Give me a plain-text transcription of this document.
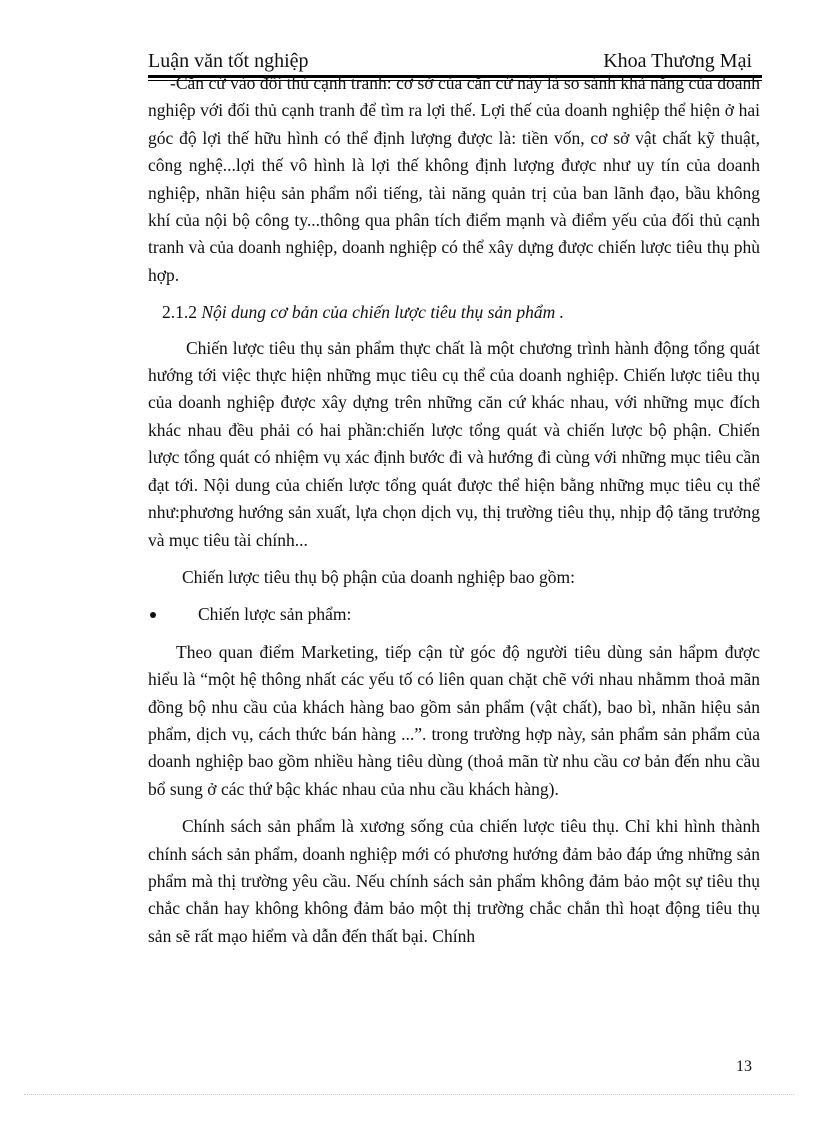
Luận văn tốt nghiệp	Khoa Thương Mại

-Căn cứ vào đối thủ cạnh tranh: cơ sở của căn cứ này là so sánh khả năng của doanh nghiệp với đối thủ cạnh tranh để tìm ra lợi thế. Lợi thế của doanh nghiệp thể hiện ở hai góc độ lợi thế hữu hình có thể định lượng được là: tiền vốn, cơ sở vật chất kỹ thuật, công nghệ...lợi thế vô hình là lợi thế không định lượng được như uy tín của doanh nghiệp, nhãn hiệu sản phẩm nổi tiếng, tài năng quản trị của ban lãnh đạo, bầu không khí của nội bộ công ty...thông qua phân tích điểm mạnh và điểm yếu của đối thủ cạnh tranh và của doanh nghiệp, doanh nghiệp có thể xây dựng được chiến lược tiêu thụ phù hợp.

2.1.2 Nội dung cơ bản của chiến lược tiêu thụ sản phẩm .

Chiến lược tiêu thụ sản phẩm thực chất là một chương trình hành động tổng quát hướng tới việc thực hiện những mục tiêu cụ thể của doanh nghiệp. Chiến lược tiêu thụ của doanh nghiệp được xây dựng trên những căn cứ khác nhau, với những mục đích khác nhau đều phải có hai phần:chiến lược tổng quát và chiến lược bộ phận. Chiến lược tổng quát có nhiệm vụ xác định bước đi và hướng đi cùng với những mục tiêu cần đạt tới. Nội dung của chiến lược tổng quát được thể hiện bằng những mục tiêu cụ thể như:phương hướng sản xuất, lựa chọn dịch vụ, thị trường tiêu thụ, nhịp độ tăng trưởng và mục tiêu tài chính...

Chiến lược tiêu thụ bộ phận của doanh nghiệp bao gồm:

Chiến lược sản phẩm:

Theo quan điểm Marketing, tiếp cận từ góc độ người tiêu dùng sản hẩpm được hiểu là “một hệ thông nhất các yếu tố có liên quan chặt chẽ với nhau nhằmm thoả mãn đồng bộ nhu cầu của khách hàng bao gồm sản phẩm (vật chất), bao bì, nhãn hiệu sản phẩm, dịch vụ, cách thức bán hàng ...”. trong trường hợp này, sản phẩm sản phẩm của doanh nghiệp bao gồm nhiều hàng tiêu dùng (thoả mãn từ nhu cầu cơ bản đến nhu cầu bổ sung ở các thứ bậc khác nhau của nhu cầu khách hàng).

Chính sách sản phẩm là xương sống của chiến lược tiêu thụ. Chỉ khi hình thành chính sách sản phẩm, doanh nghiệp mới có phương hướng đảm bảo đáp ứng những sản phẩm mà thị trường yêu cầu. Nếu chính sách sản phẩm không đảm bảo một sự tiêu thụ chắc chắn hay không không đảm bảo một thị trường chắc chắn thì hoạt động tiêu thụ sản sẽ rất mạo hiểm và dẫn đến thất bại. Chính

13
